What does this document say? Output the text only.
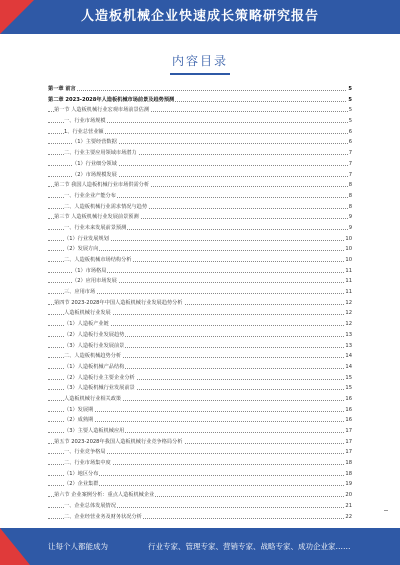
人造板机械企业快速成长策略研究报告
内容目录
第一章 前言	5
第二章 2023-2028年人造板机械市场前景及趋势预测	5
第一节 人造板机械行业宏观市场前景估测	5
一、行业市场规模	5
1、行业总营业额	6
（1）主要经营数据	6
二、行业主要应用领域市场潜力	7
（1）行业细分领域	7
（2）市场规模发展	7
第二节 我国人造板机械行业市场供需分析	8
一、行业企业产能分布	8
二、人造板机械行业需求情况与趋势	8
第三节 人造板机械行业发展前景预测	9
一、行业未来发展前景预测	9
（1）行业发展规划	10
（2）发展方向	10
二、人造板机械市场结构分析	10
（1）市场格局	11
（2）应用市场发展	11
三、应用市场	11
第四节 2023-2028年中国人造板机械行业发展趋势分析	12
人造板机械行业发展	12
（1）人造板产业链	12
（2）人造板行业发展趋势	13
（3）人造板行业发展前景	13
二、人造板机械趋势分析	14
（1）人造板机械产品结构	14
（2）人造板行业主要企业分析	15
（3）人造板机械行业发展前景	15
人造板机械行业相关政策	16
（1）发展期	16
（2）成熟期	16
（3）主要人造板机械应用	17
第五节 2023-2028年我国人造板机械行业竞争格局分析	17
一、行业竞争格局	17
二、行业市场集中度	18
（1）地区分布	18
（2）企业集群	19
第六节 企业案例分析：重点人造板机械企业	20
一、企业总体发展情况	21
二、企业经营业务及财务状况分析	22
让每个人都能成为	行业专家、管理专家、营销专家、战略专家、成功企业家……
